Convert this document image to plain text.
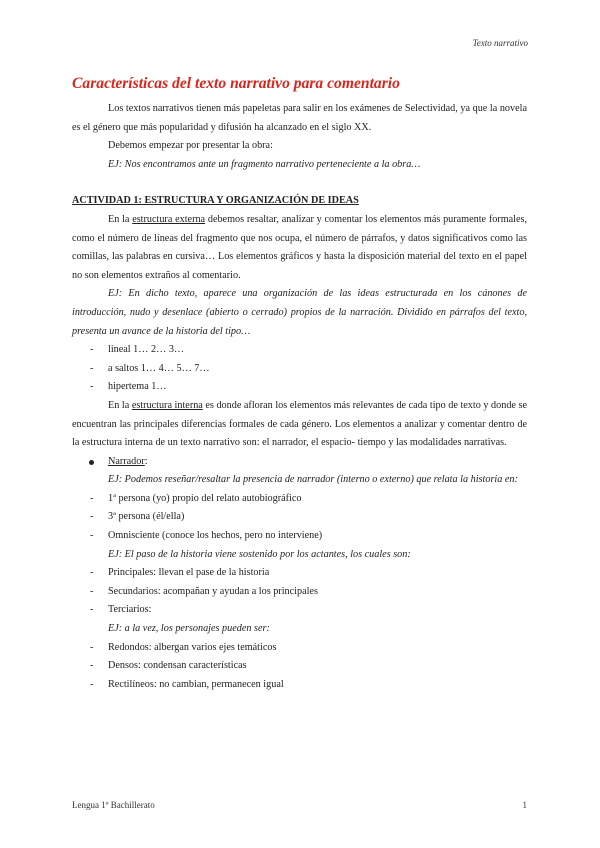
Texto narrativo
Características del texto narrativo para comentario

Los textos narrativos tienen más papeletas para salir en los exámenes de Selectividad, ya que la novela es el género que más popularidad y difusión ha alcanzado en el siglo XX.

Debemos empezar por presentar la obra:

EJ: Nos encontramos ante un fragmento narrativo perteneciente a la obra…

ACTIVIDAD 1: ESTRUCTURA Y ORGANIZACIÓN DE IDEAS

En la estructura externa debemos resaltar, analizar y comentar los elementos más puramente formales, como el número de líneas del fragmento que nos ocupa, el número de párrafos, y datos significativos como las comillas, las palabras en cursiva… Los elementos gráficos y hasta la disposición material del texto en el papel no son elementos extraños al comentario.

EJ: En dicho texto, aparece una organización de las ideas estructurada en los cánones de introducción, nudo y desenlace (abierto o cerrado) propios de la narración. Dividido en párrafos del texto, presenta un avance de la historia del tipo…

- lineal 1… 2… 3…
- a saltos 1… 4… 5… 7…
- hipertema 1…

En la estructura interna es donde afloran los elementos más relevantes de cada tipo de texto y donde se encuentran las principales diferencias formales de cada género. Los elementos a analizar y comentar dentro de la estructura interna de un texto narrativo son: el narrador, el espacio- tiempo y las modalidades narrativas.

Narrador:

EJ: Podemos reseñar/resaltar la presencia de narrador (interno o externo) que relata la historia en:

- 1ª persona (yo) propio del relato autobiográfico
- 3ª persona (él/ella)
- Omnisciente (conoce los hechos, pero no interviene)

EJ: El paso de la historia viene sostenido por los actantes, los cuales son:

- Principales: llevan el pase de la historia
- Secundarios: acompañan y ayudan a los principales
- Terciarios:

EJ: a la vez, los personajes pueden ser:

- Redondos: albergan varios ejes temáticos
- Densos: condensan características
- Rectilíneos: no cambian, permanecen igual
Lengua 1º Bachillerato	1
